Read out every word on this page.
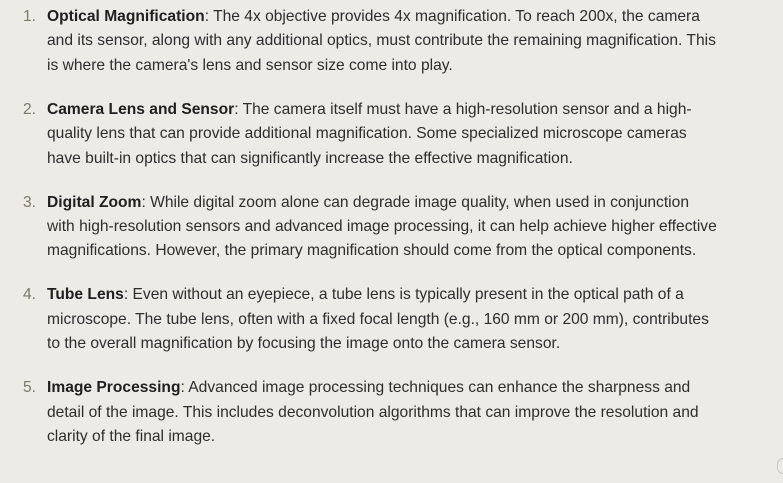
1. Optical Magnification: The 4x objective provides 4x magnification. To reach 200x, the camera and its sensor, along with any additional optics, must contribute the remaining magnification. This is where the camera's lens and sensor size come into play.
2. Camera Lens and Sensor: The camera itself must have a high-resolution sensor and a high-quality lens that can provide additional magnification. Some specialized microscope cameras have built-in optics that can significantly increase the effective magnification.
3. Digital Zoom: While digital zoom alone can degrade image quality, when used in conjunction with high-resolution sensors and advanced image processing, it can help achieve higher effective magnifications. However, the primary magnification should come from the optical components.
4. Tube Lens: Even without an eyepiece, a tube lens is typically present in the optical path of a microscope. The tube lens, often with a fixed focal length (e.g., 160 mm or 200 mm), contributes to the overall magnification by focusing the image onto the camera sensor.
5. Image Processing: Advanced image processing techniques can enhance the sharpness and detail of the image. This includes deconvolution algorithms that can improve the resolution and clarity of the final image.
